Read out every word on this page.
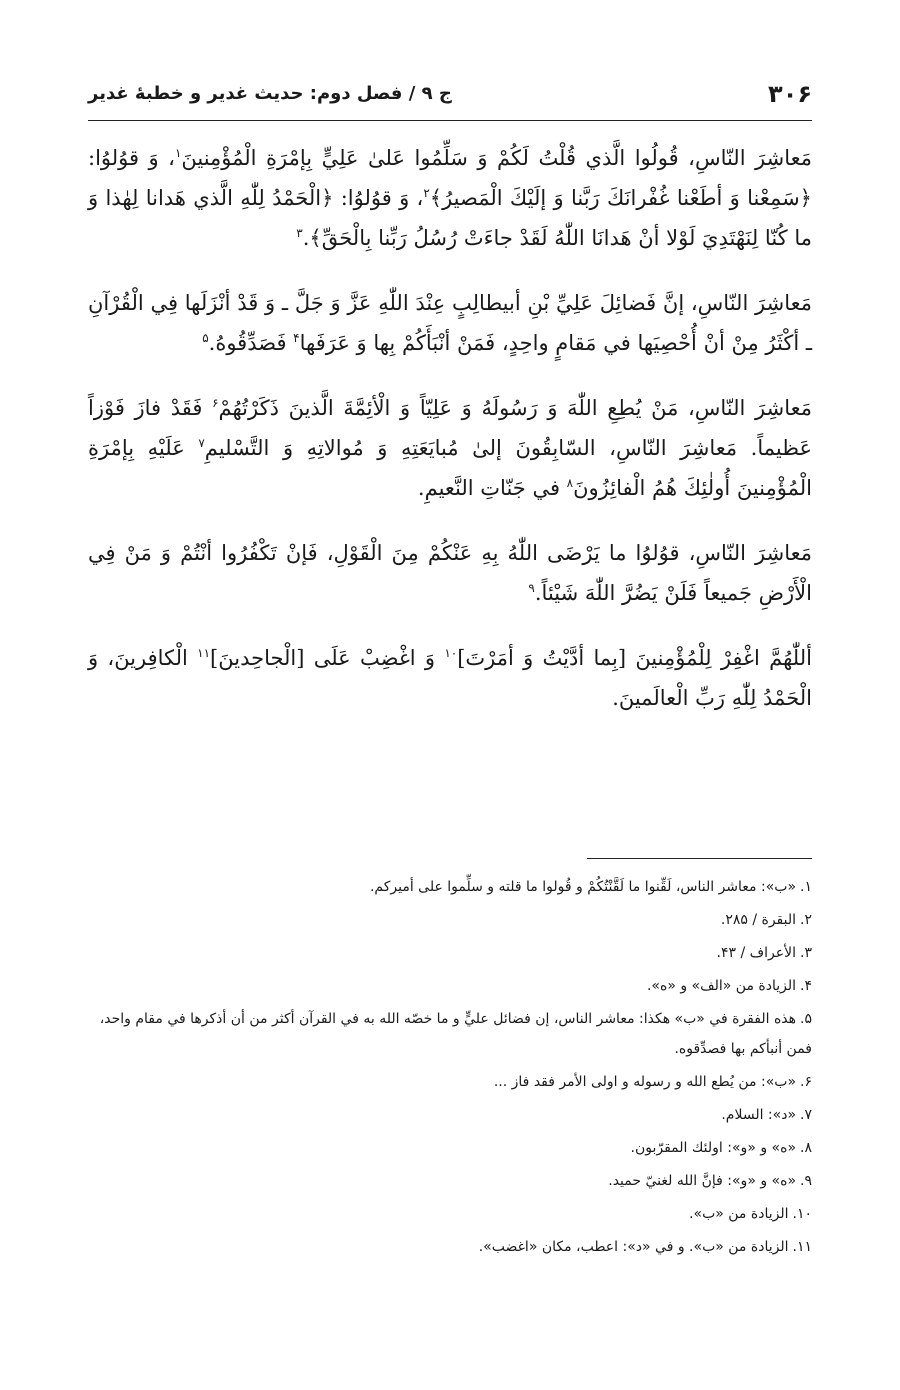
۳۰۶
ج ۹ / فصل دوم: حديث غدير و خطبهٔ غدير

مَعاشِرَ النّاسِ، قُولُوا الَّذي قُلْتُ لَكُمْ وَ سَلِّمُوا عَلىٰ عَلِيٍّ بِإمْرَةِ الْمُؤْمِنينَ$^۱$، وَ قوُلوُا: ﴿سَمِعْنا وَ أطَعْنا غُفْرانَكَ رَبَّنا وَ إلَيْكَ الْمَصيرُ﴾$^۲$، وَ قوُلوُا: ﴿الْحَمْدُ لِلّٰهِ الَّذي هَدانا لِهٰذا وَ ما كُنّا لِنَهْتَدِيَ لَوْلا أنْ هَدانَا اللّٰهُ لَقَدْ جاءَتْ رُسُلُ رَبِّنا بِالْحَقِّ﴾.$^۳$

مَعاشِرَ النّاسِ، إنَّ فَضائِلَ عَلِيِّ بْنِ أبيطالِبٍ عِنْدَ اللّٰهِ عَزَّ وَ جَلَّ ـ وَ قَدْ أنْزَلَها فِي الْقُرْآنِ ـ أكْثَرُ مِنْ أنْ أُحْصِيَها في مَقامٍ واحِدٍ، فَمَنْ أنْبَأَكُمْ بِها وَ عَرَفَها$^۴$ فَصَدِّقُوهُ.$^۵$

مَعاشِرَ النّاسِ، مَنْ يُطِعِ اللّٰهَ وَ رَسُولَهُ وَ عَلِيّاً وَ الْأئِمَّةَ الَّذينَ ذَكَرْتُهُمْ$^۶$ فَقَدْ فازَ فَوْزاً عَظيماً. مَعاشِرَ النّاسِ، السّابِقُونَ إلىٰ مُبايَعَتِهِ وَ مُوالاتِهِ وَ التَّسْليمِ$^۷$ عَلَيْهِ بِإمْرَةِ الْمُؤْمِنينَ أُولٰئِكَ هُمُ الْفائِزُونَ$^۸$ في جَنّاتِ النَّعيمِ.

مَعاشِرَ النّاسِ، قوُلوُا ما يَرْضَى اللّٰهُ بِهِ عَنْكُمْ مِنَ الْقَوْلِ، فَإنْ تَكْفُرُوا أنْتُمْ وَ مَنْ فِي الْأَرْضِ جَميعاً فَلَنْ يَضُرَّ اللّٰهَ شَيْئاً.$^۹$

أللّٰهُمَّ اغْفِرْ لِلْمُؤْمِنينَ [بِما أدَّيْتُ وَ أمَرْتَ]$^{۱۰}$ وَ اغْضِبْ عَلَى [الْجاحِدينَ]$^{۱۱}$ الْكافِرينَ، وَ الْحَمْدُ لِلّٰهِ رَبِّ الْعالَمينَ.

۱.«ب»: معاشر الناس، لَقِّنوا ما لَقَّنْتُكُمْ و قُولوا ما قلته و سلِّموا على أميركم.
۲.البقرة / ۲۸۵.
۳.الأعراف / ۴۳.
۴.الزيادة من «الف» و «ه».
۵.هذه الفقرة في «ب» هكذا: معاشر الناس، إن فضائل عليٍّ و ما خصّه الله به في القرآن أكثر من أن أذكرها في مقام واحد، فمن أنبأكم بها فصدِّقوه.
۶.«ب»: من يُطع الله و رسوله و اولى الأمر فقد فاز ...
۷.«د»: السلام.
۸.«ه» و «و»: اولئك المقرّبون.
۹.«ه» و «و»: فإنَّ الله لغنيّ حميد.
۱۰.الزيادة من «ب».
۱۱.الزيادة من «ب». و في «د»: اعطب، مكان «اغضب».
